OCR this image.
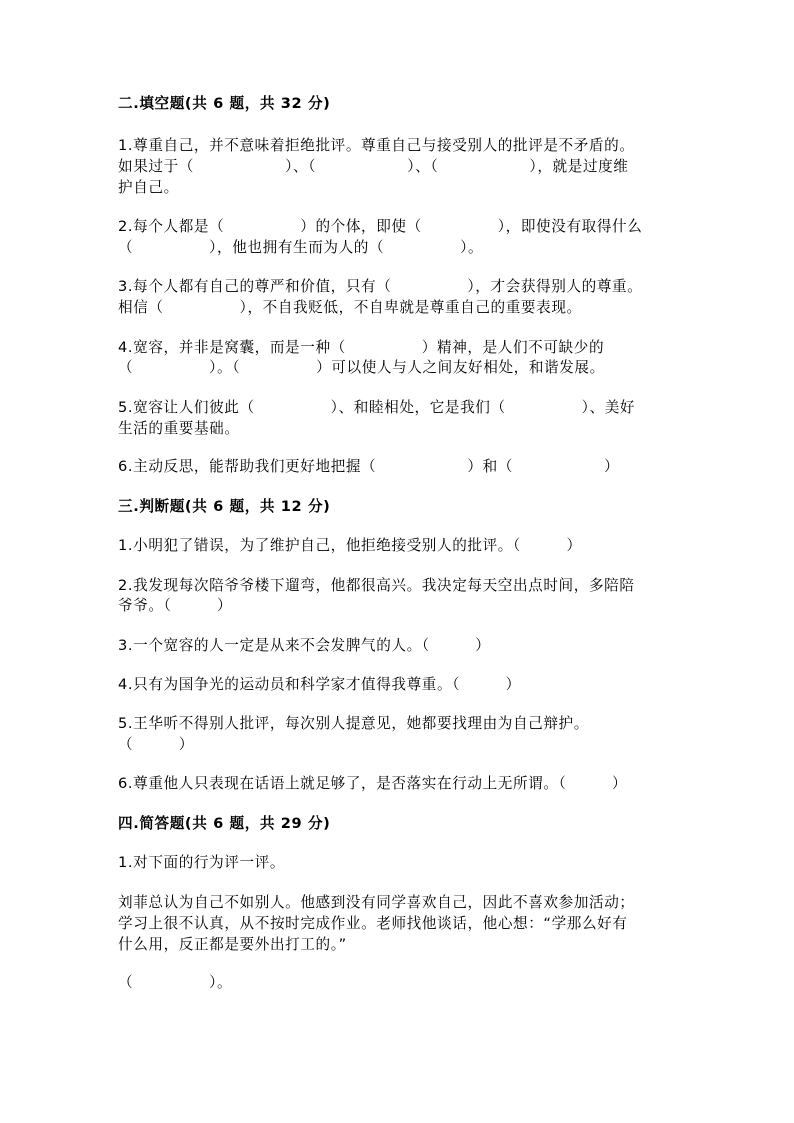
二.填空题(共 6 题，共 32 分)
1.尊重自己，并不意味着拒绝批评。尊重自己与接受别人的批评是不矛盾的。
如果过于（　　　　　　）、（　　　　　　）、（　　　　　　），就是过度维
护自己。
2.每个人都是（　　　　　）的个体，即使（　　　　　），即使没有取得什么
（　　　　　），他也拥有生而为人的（　　　　　）。
3.每个人都有自己的尊严和价值，只有（　　　　　），才会获得别人的尊重。
相信（　　　　　），不自我贬低，不自卑就是尊重自己的重要表现。
4.宽容，并非是窝囊，而是一种（　　　　　）精神，是人们不可缺少的
（　　　　　）。（　　　　　）可以使人与人之间友好相处，和谐发展。
5.宽容让人们彼此（　　　　　）、和睦相处，它是我们（　　　　　）、美好
生活的重要基础。
6.主动反思，能帮助我们更好地把握（　　　　　　）和（　　　　　　）
三.判断题(共 6 题，共 12 分)
1.小明犯了错误，为了维护自己，他拒绝接受别人的批评。（　　　）
2.我发现每次陪爷爷楼下遛弯，他都很高兴。我决定每天空出点时间，多陪陪
爷爷。（　　　）
3.一个宽容的人一定是从来不会发脾气的人。（　　　）
4.只有为国争光的运动员和科学家才值得我尊重。（　　　）
5.王华听不得别人批评，每次别人提意见，她都要找理由为自己辩护。
（　　　）
6.尊重他人只表现在话语上就足够了，是否落实在行动上无所谓。（　　　）
四.简答题(共 6 题，共 29 分)
1.对下面的行为评一评。
刘菲总认为自己不如别人。他感到没有同学喜欢自己，因此不喜欢参加活动；
学习上很不认真，从不按时完成作业。老师找他谈话，他心想：“学那么好有
什么用，反正都是要外出打工的。”
（　　　　　）。
